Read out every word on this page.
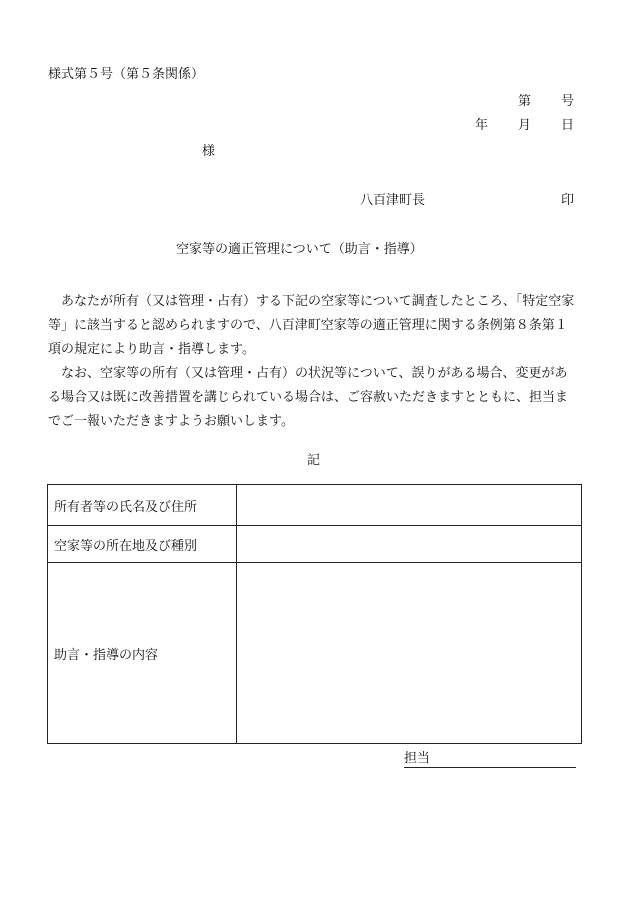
様式第５号（第５条関係）
第 号
年 月 日
様
八百津町長	印
空家等の適正管理について（助言・指導）

　あなたが所有（又は管理・占有）する下記の空家等について調査したところ、「特定空家等」に該当すると認められますので、八百津町空家等の適正管理に関する条例第８条第１項の規定により助言・指導します。

　なお、空家等の所有（又は管理・占有）の状況等について、誤りがある場合、変更がある場合又は既に改善措置を講じられている場合は、ご容赦いただきますとともに、担当までご一報いただきますようお願いします。

記
所有者等の氏名及び住所	
空家等の所在地及び種別	
助言・指導の内容	
担当
